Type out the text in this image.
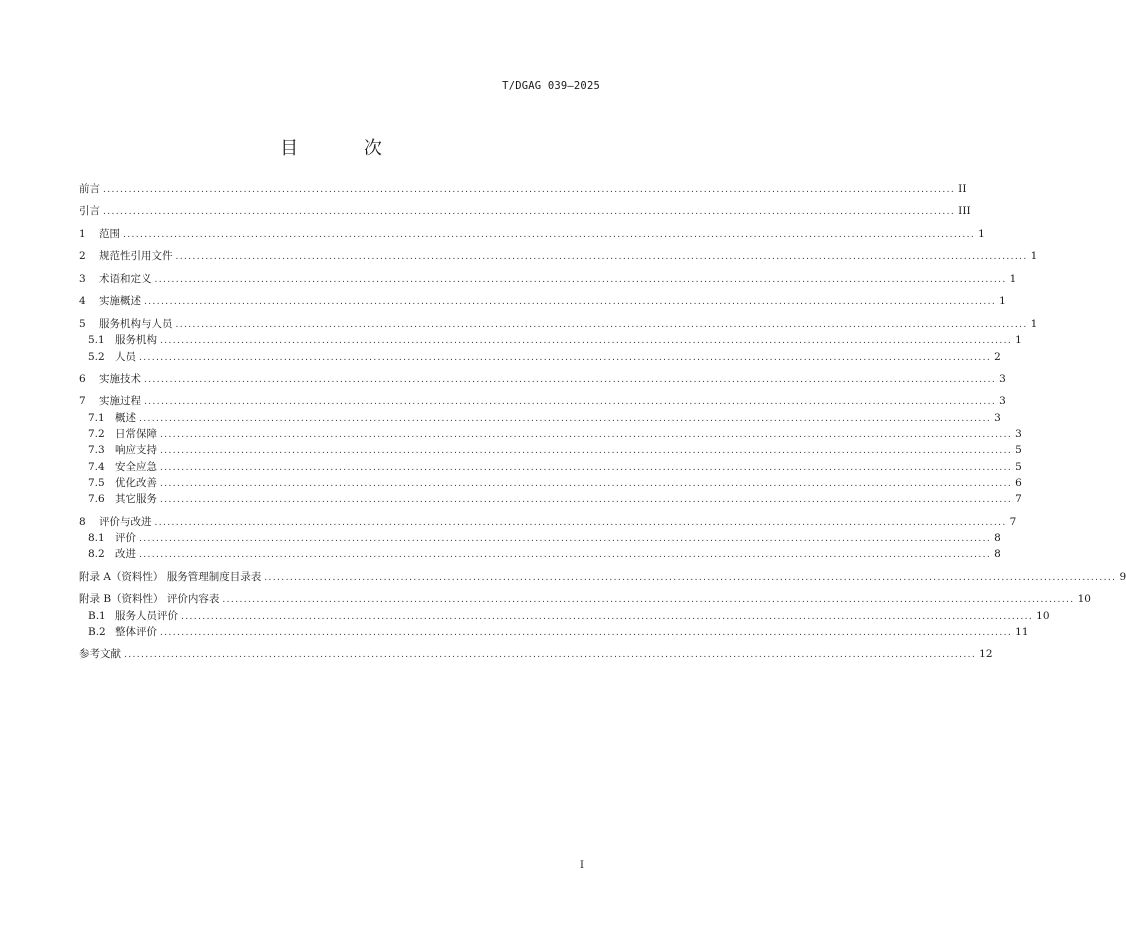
T/DGAG 039—2025
目 次
前言 ........................................................................................................................................................................................................ II
引言 ........................................................................................................................................................................................................ III
1	范围 ........................................................................................................................................................................................................ 1
2	规范性引用文件 ........................................................................................................................................................................................................ 1
3	术语和定义 ........................................................................................................................................................................................................ 1
4	实施概述 ........................................................................................................................................................................................................ 1
5	服务机构与人员 ........................................................................................................................................................................................................ 1
5.1 服务机构 ........................................................................................................................................................................................................ 1
5.2 人员 ........................................................................................................................................................................................................ 2
6	实施技术 ........................................................................................................................................................................................................ 3
7	实施过程 ........................................................................................................................................................................................................ 3
7.1 概述 ........................................................................................................................................................................................................ 3
7.2 日常保障 ........................................................................................................................................................................................................ 3
7.3 响应支持 ........................................................................................................................................................................................................ 5
7.4 安全应急 ........................................................................................................................................................................................................ 5
7.5 优化改善 ........................................................................................................................................................................................................ 6
7.6 其它服务 ........................................................................................................................................................................................................ 7
8	评价与改进 ........................................................................................................................................................................................................ 7
8.1 评价 ........................................................................................................................................................................................................ 8
8.2 改进 ........................................................................................................................................................................................................ 8
附录 A（资料性） 服务管理制度目录表 ........................................................................................................................................................................................................ 9
附录 B（资料性） 评价内容表 ........................................................................................................................................................................................................ 10
B.1 服务人员评价 ........................................................................................................................................................................................................ 10
B.2 整体评价 ........................................................................................................................................................................................................ 11
参考文献 ........................................................................................................................................................................................................ 12
I
